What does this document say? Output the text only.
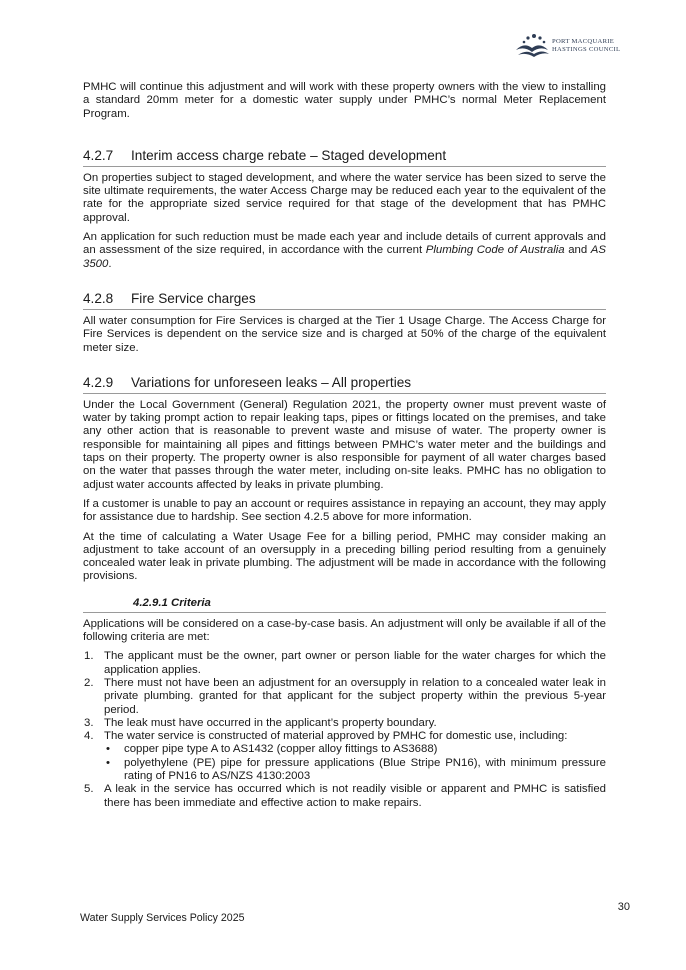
PORT MACQUARIE
HASTINGS COUNCIL

PMHC will continue this adjustment and will work with these property owners with the view to installing a standard 20mm meter for a domestic water supply under PMHC’s normal Meter Replacement Program.

4.2.7 Interim access charge rebate – Staged development

On properties subject to staged development, and where the water service has been sized to serve the site ultimate requirements, the water Access Charge may be reduced each year to the equivalent of the rate for the appropriate sized service required for that stage of the development that has PMHC approval.

An application for such reduction must be made each year and include details of current approvals and an assessment of the size required, in accordance with the current Plumbing Code of Australia and AS 3500.

4.2.8 Fire Service charges

All water consumption for Fire Services is charged at the Tier 1 Usage Charge. The Access Charge for Fire Services is dependent on the service size and is charged at 50% of the charge of the equivalent meter size.

4.2.9 Variations for unforeseen leaks – All properties

Under the Local Government (General) Regulation 2021, the property owner must prevent waste of water by taking prompt action to repair leaking taps, pipes or fittings located on the premises, and take any other action that is reasonable to prevent waste and misuse of water. The property owner is responsible for maintaining all pipes and fittings between PMHC’s water meter and the buildings and taps on their property. The property owner is also responsible for payment of all water charges based on the water that passes through the water meter, including on-site leaks. PMHC has no obligation to adjust water accounts affected by leaks in private plumbing.

If a customer is unable to pay an account or requires assistance in repaying an account, they may apply for assistance due to hardship. See section 4.2.5 above for more information.

At the time of calculating a Water Usage Fee for a billing period, PMHC may consider making an adjustment to take account of an oversupply in a preceding billing period resulting from a genuinely concealed water leak in private plumbing. The adjustment will be made in accordance with the following provisions.

4.2.9.1 Criteria

Applications will be considered on a case-by-case basis. An adjustment will only be available if all of the following criteria are met:

1. The applicant must be the owner, part owner or person liable for the water charges for which the application applies.
2. There must not have been an adjustment for an oversupply in relation to a concealed water leak in private plumbing. granted for that applicant for the subject property within the previous 5-year period.
3. The leak must have occurred in the applicant’s property boundary.
4. The water service is constructed of material approved by PMHC for domestic use, including:
• copper pipe type A to AS1432 (copper alloy fittings to AS3688)
• polyethylene (PE) pipe for pressure applications (Blue Stripe PN16), with minimum pressure rating of PN16 to AS/NZS 4130:2003
5. A leak in the service has occurred which is not readily visible or apparent and PMHC is satisfied there has been immediate and effective action to make repairs.
30
Water Supply Services Policy 2025
